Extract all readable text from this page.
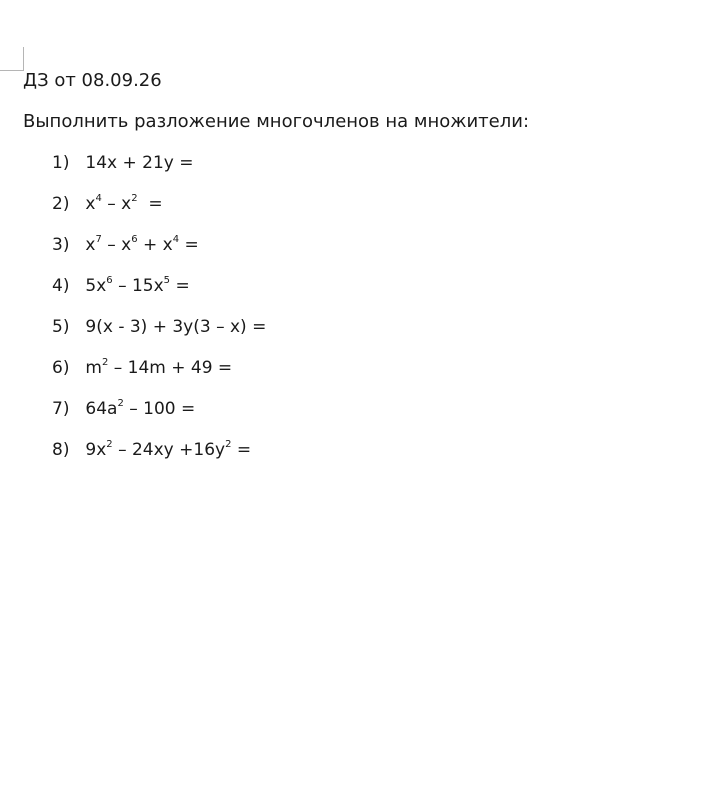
ДЗ от 08.09.26
Выполнить разложение многочленов на множители:
1) 14x + 21y =
2) $x^4 - x^2$  =
3) $x^7 - x^6 + x^4$ =
4) $5x^6 - 15x^5$ =
5) 9(x - 3) + 3y(3 – x) =
6) $m^2 - 14m + 49$ =
7) $64a^2 - 100$ =
8) $9x^2 - 24xy +16y^2$ =
